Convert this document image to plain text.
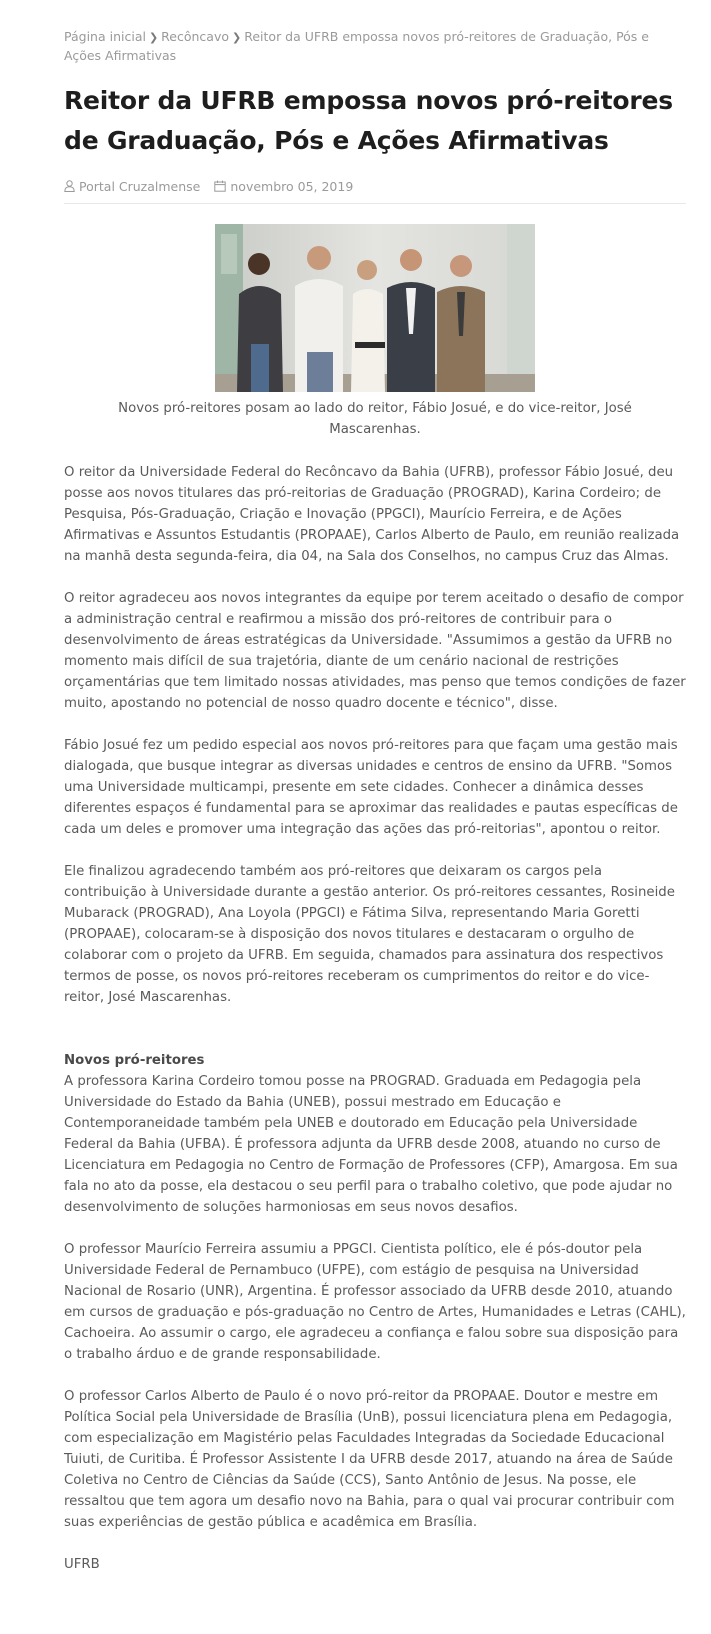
Página inicial ❯ Recôncavo ❯ Reitor da UFRB empossa novos pró-reitores de Graduação, Pós e Ações Afirmativas
Reitor da UFRB empossa novos pró-reitores de Graduação, Pós e Ações Afirmativas
Portal Cruzalmense novembro 05, 2019
Novos pró-reitores posam ao lado do reitor, Fábio Josué, e do vice-reitor, José Mascarenhas.

O reitor da Universidade Federal do Recôncavo da Bahia (UFRB), professor Fábio Josué, deu posse aos novos titulares das pró-reitorias de Graduação (PROGRAD), Karina Cordeiro; de Pesquisa, Pós-Graduação, Criação e Inovação (PPGCI), Maurício Ferreira, e de Ações Afirmativas e Assuntos Estudantis (PROPAAE), Carlos Alberto de Paulo, em reunião realizada na manhã desta segunda-feira, dia 04, na Sala dos Conselhos, no campus Cruz das Almas.

O reitor agradeceu aos novos integrantes da equipe por terem aceitado o desafio de compor a administração central e reafirmou a missão dos pró-reitores de contribuir para o desenvolvimento de áreas estratégicas da Universidade. "Assumimos a gestão da UFRB no momento mais difícil de sua trajetória, diante de um cenário nacional de restrições orçamentárias que tem limitado nossas atividades, mas penso que temos condições de fazer muito, apostando no potencial de nosso quadro docente e técnico", disse.

Fábio Josué fez um pedido especial aos novos pró-reitores para que façam uma gestão mais dialogada, que busque integrar as diversas unidades e centros de ensino da UFRB. "Somos uma Universidade multicampi, presente em sete cidades. Conhecer a dinâmica desses diferentes espaços é fundamental para se aproximar das realidades e pautas específicas de cada um deles e promover uma integração das ações das pró-reitorias", apontou o reitor.

Ele finalizou agradecendo também aos pró-reitores que deixaram os cargos pela contribuição à Universidade durante a gestão anterior. Os pró-reitores cessantes, Rosineide Mubarack (PROGRAD), Ana Loyola (PPGCI) e Fátima Silva, representando Maria Goretti (PROPAAE), colocaram-se à disposição dos novos titulares e destacaram o orgulho de colaborar com o projeto da UFRB. Em seguida, chamados para assinatura dos respectivos termos de posse, os novos pró-reitores receberam os cumprimentos do reitor e do vice-reitor, José Mascarenhas.

Novos pró-reitores

A professora Karina Cordeiro tomou posse na PROGRAD. Graduada em Pedagogia pela Universidade do Estado da Bahia (UNEB), possui mestrado em Educação e Contemporaneidade também pela UNEB e doutorado em Educação pela Universidade Federal da Bahia (UFBA). É professora adjunta da UFRB desde 2008, atuando no curso de Licenciatura em Pedagogia no Centro de Formação de Professores (CFP), Amargosa. Em sua fala no ato da posse, ela destacou o seu perfil para o trabalho coletivo, que pode ajudar no desenvolvimento de soluções harmoniosas em seus novos desafios.

O professor Maurício Ferreira assumiu a PPGCI. Cientista político, ele é pós-doutor pela Universidade Federal de Pernambuco (UFPE), com estágio de pesquisa na Universidad Nacional de Rosario (UNR), Argentina. É professor associado da UFRB desde 2010, atuando em cursos de graduação e pós-graduação no Centro de Artes, Humanidades e Letras (CAHL), Cachoeira. Ao assumir o cargo, ele agradeceu a confiança e falou sobre sua disposição para o trabalho árduo e de grande responsabilidade.

O professor Carlos Alberto de Paulo é o novo pró-reitor da PROPAAE. Doutor e mestre em Política Social pela Universidade de Brasília (UnB), possui licenciatura plena em Pedagogia, com especialização em Magistério pelas Faculdades Integradas da Sociedade Educacional Tuiuti, de Curitiba. É Professor Assistente I da UFRB desde 2017, atuando na área de Saúde Coletiva no Centro de Ciências da Saúde (CCS), Santo Antônio de Jesus. Na posse, ele ressaltou que tem agora um desafio novo na Bahia, para o qual vai procurar contribuir com suas experiências de gestão pública e acadêmica em Brasília.

UFRB
